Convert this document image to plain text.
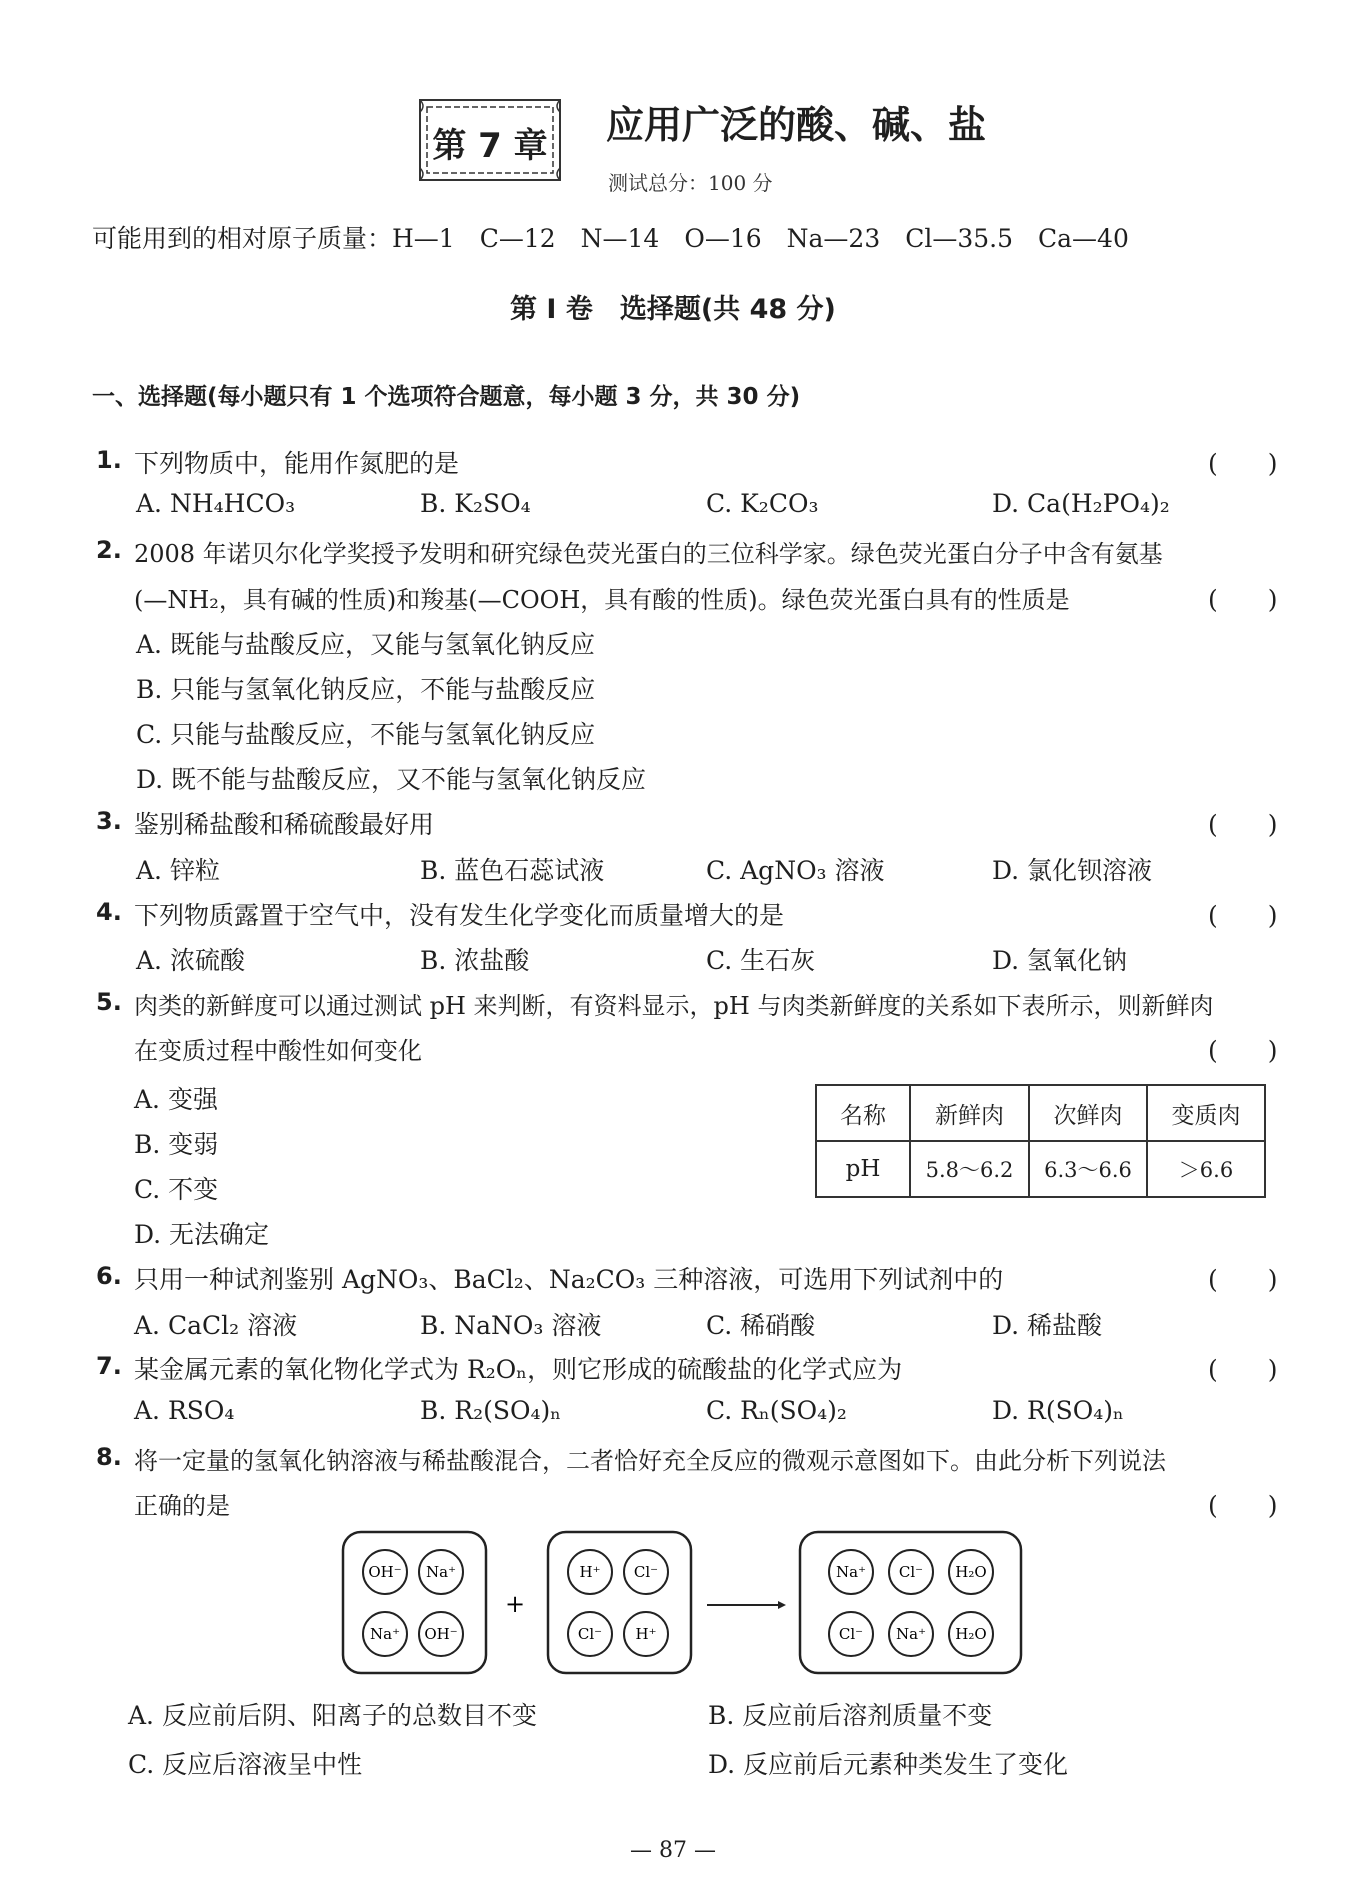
第 7 章	应用广泛的酸、碱、盐
测试总分：100 分
可能用到的相对原子质量：H—1　C—12　N—14　O—16　Na—23　Cl—35.5　Ca—40
第 Ⅰ 卷　选择题(共 48 分)
一、选择题(每小题只有 1 个选项符合题意，每小题 3 分，共 30 分)
1. 下列物质中，能用作氮肥的是	(　　)
A. NH₄HCO₃	B. K₂SO₄	C. K₂CO₃	D. Ca(H₂PO₄)₂
2. 2008 年诺贝尔化学奖授予发明和研究绿色荧光蛋白的三位科学家。绿色荧光蛋白分子中含有氨基
(—NH₂，具有碱的性质)和羧基(—COOH，具有酸的性质)。绿色荧光蛋白具有的性质是	(　　)
A. 既能与盐酸反应，又能与氢氧化钠反应
B. 只能与氢氧化钠反应，不能与盐酸反应
C. 只能与盐酸反应，不能与氢氧化钠反应
D. 既不能与盐酸反应，又不能与氢氧化钠反应
3. 鉴别稀盐酸和稀硫酸最好用	(　　)
A. 锌粒	B. 蓝色石蕊试液	C. AgNO₃ 溶液	D. 氯化钡溶液
4. 下列物质露置于空气中，没有发生化学变化而质量增大的是	(　　)
A. 浓硫酸	B. 浓盐酸	C. 生石灰	D. 氢氧化钠
5. 肉类的新鲜度可以通过测试 pH 来判断，有资料显示，pH 与肉类新鲜度的关系如下表所示，则新鲜肉
在变质过程中酸性如何变化	(　　)
A. 变强
B. 变弱
C. 不变
D. 无法确定
名称	新鲜肉	次鲜肉	变质肉
pH	5.8～6.2	6.3～6.6	＞6.6
6. 只用一种试剂鉴别 AgNO₃、BaCl₂、Na₂CO₃ 三种溶液，可选用下列试剂中的	(　　)
A. CaCl₂ 溶液	B. NaNO₃ 溶液	C. 稀硝酸	D. 稀盐酸
7. 某金属元素的氧化物化学式为 R₂Oₙ，则它形成的硫酸盐的化学式应为	(　　)
A. RSO₄	B. R₂(SO₄)ₙ	C. Rₙ(SO₄)₂	D. R(SO₄)ₙ
8. 将一定量的氢氧化钠溶液与稀盐酸混合，二者恰好充全反应的微观示意图如下。由此分析下列说法
正确的是	(　　)
+
OH⁻ Na⁺
Na⁺ OH⁻
H⁺ Cl⁻
Cl⁻ H⁺
Na⁺ Cl⁻ H₂O
Cl⁻ Na⁺ H₂O
A. 反应前后阴、阳离子的总数目不变	B. 反应前后溶剂质量不变
C. 反应后溶液呈中性	D. 反应前后元素种类发生了变化
— 87 —
